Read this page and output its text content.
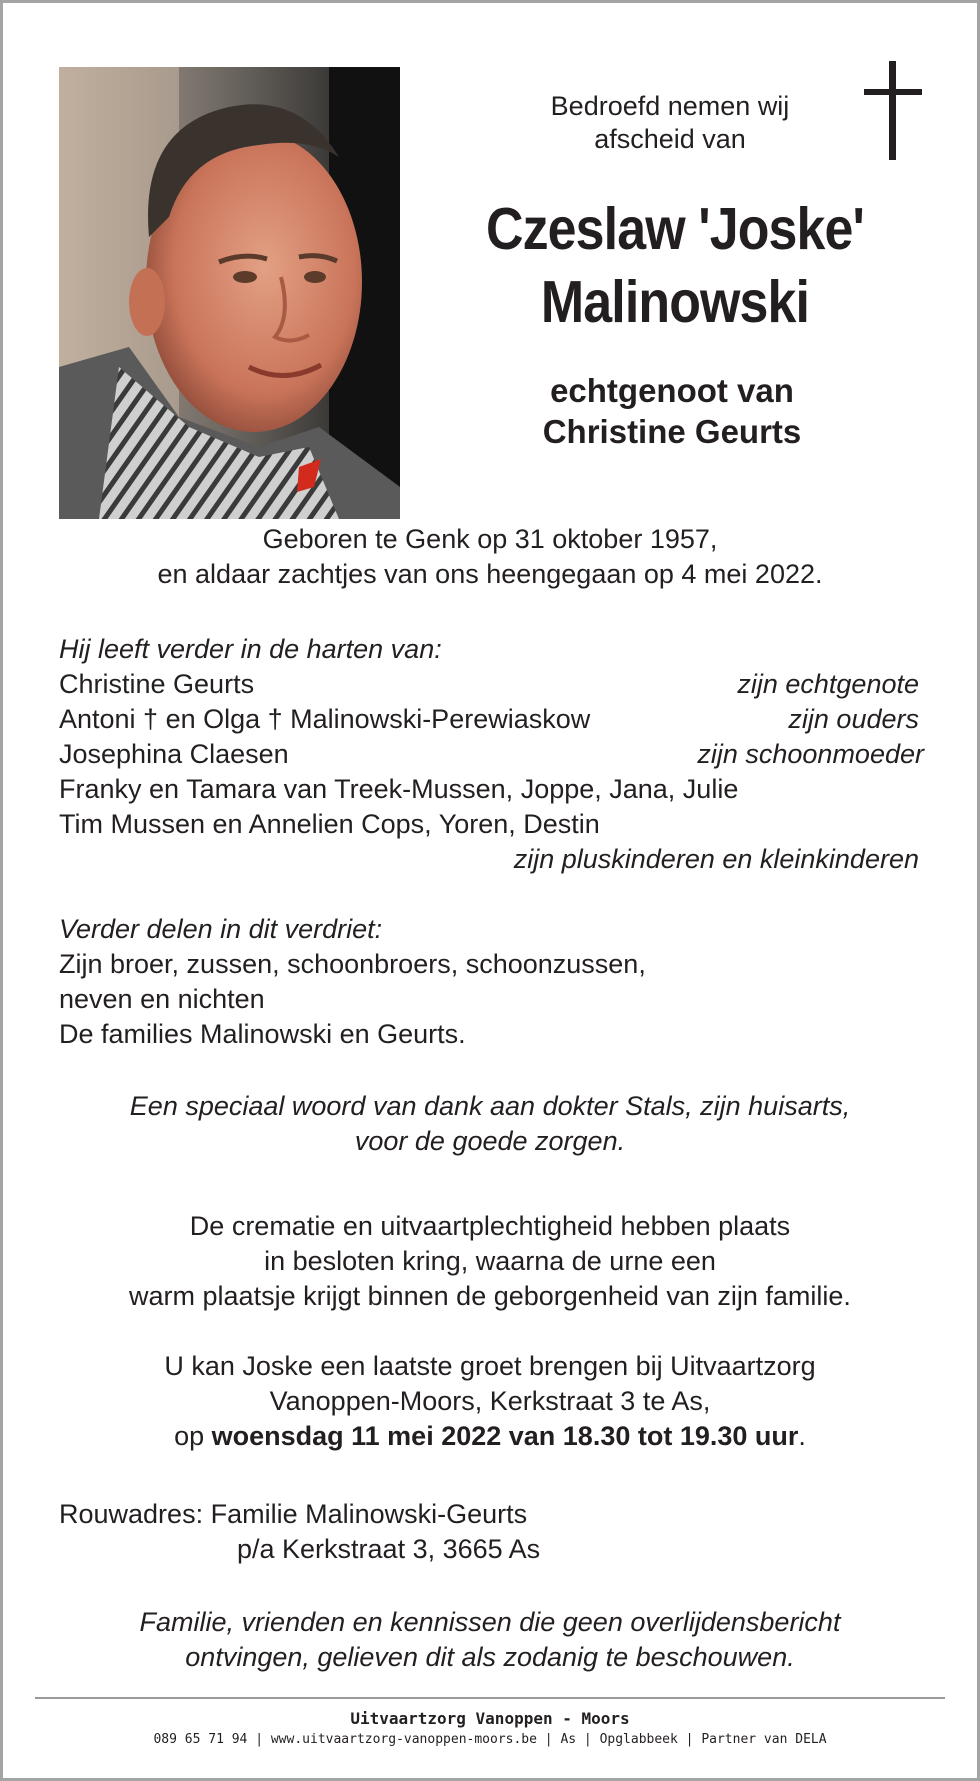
Bedroefd nemen wij
afscheid van
Czeslaw 'Joske'
Malinowski
echtgenoot van
Christine Geurts
Geboren te Genk op 31 oktober 1957,
en aldaar zachtjes van ons heengegaan op 4 mei 2022.
Hij leeft verder in de harten van:
Christine Geurts	zijn echtgenote
Antoni † en Olga † Malinowski-Perewiaskow	zijn ouders
Josephina Claesen	zijn schoonmoeder
Franky en Tamara van Treek-Mussen, Joppe, Jana, Julie
Tim Mussen en Annelien Cops, Yoren, Destin
zijn pluskinderen en kleinkinderen
Verder delen in dit verdriet:
Zijn broer, zussen, schoonbroers, schoonzussen,
neven en nichten
De families Malinowski en Geurts.
Een speciaal woord van dank aan dokter Stals, zijn huisarts,
voor de goede zorgen.
De crematie en uitvaartplechtigheid hebben plaats
in besloten kring, waarna de urne een
warm plaatsje krijgt binnen de geborgenheid van zijn familie.
U kan Joske een laatste groet brengen bij Uitvaartzorg
Vanoppen-Moors, Kerkstraat 3 te As,
op woensdag 11 mei 2022 van 18.30 tot 19.30 uur.
Rouwadres: Familie Malinowski-Geurts
p/a Kerkstraat 3, 3665 As
Familie, vrienden en kennissen die geen overlijdensbericht
ontvingen, gelieven dit als zodanig te beschouwen.
Uitvaartzorg Vanoppen - Moors
089 65 71 94 | www.uitvaartzorg-vanoppen-moors.be | As | Opglabbeek | Partner van DELA
